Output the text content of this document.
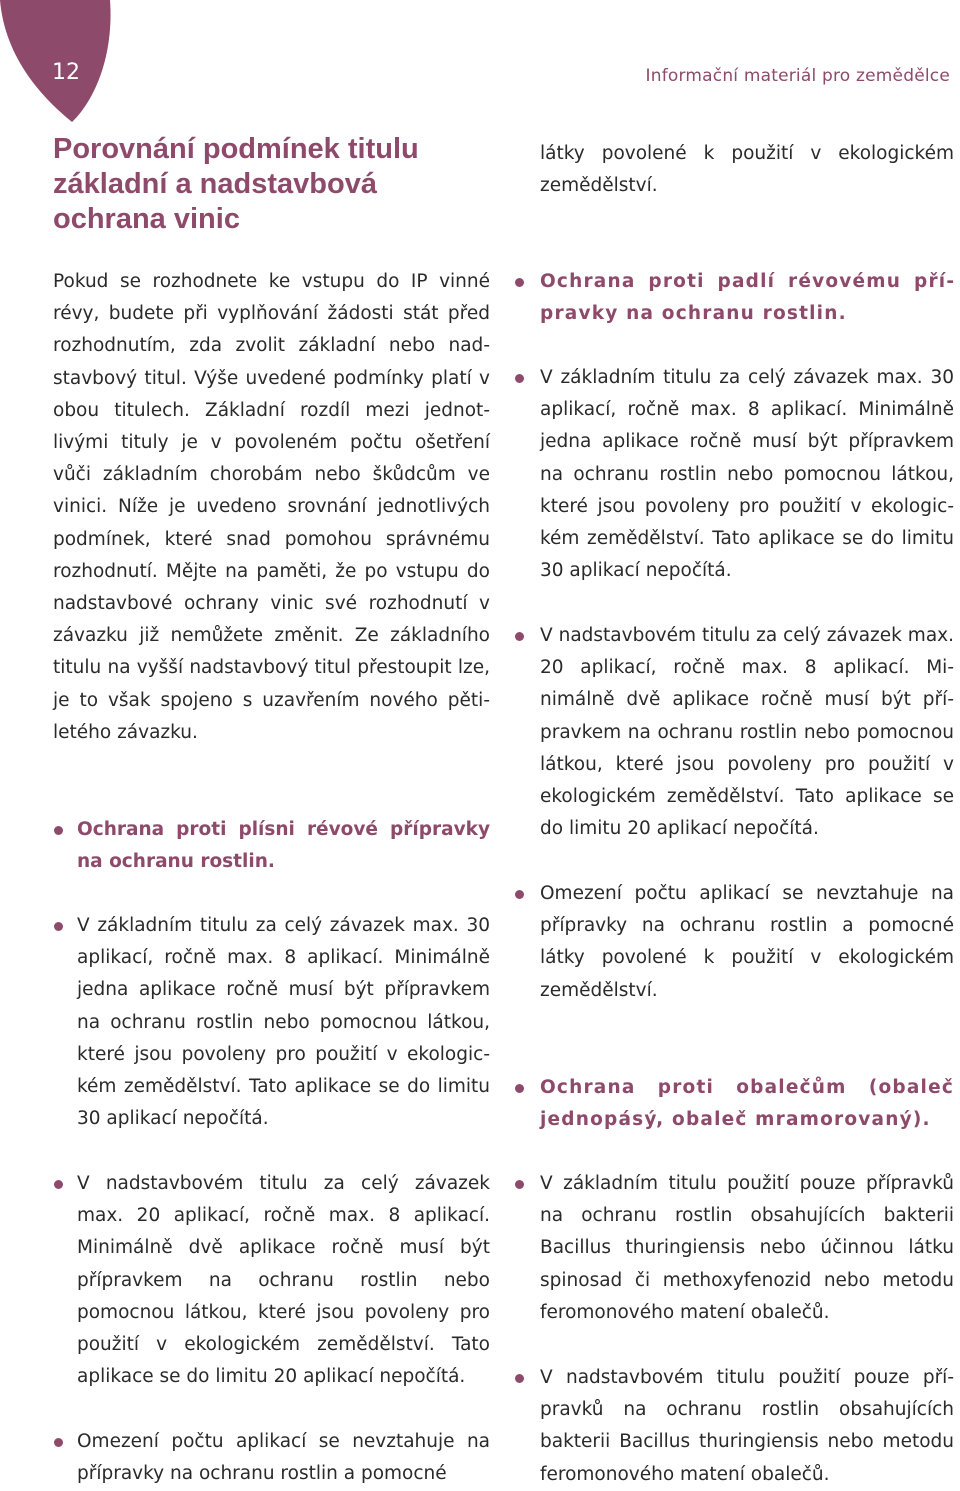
12	Informační materiál pro zemědělce
Porovnání podmínek titulu základní a nadstavbová ochrana vinic

Pokud se rozhodnete ke vstupu do IP vinné révy, budete při vyplňování žádosti stát před rozhodnutím, zda zvolit základní nebo nadstavbový titul. Výše uvedené podmínky platí v obou titulech. Základní rozdíl mezi jednotlivými tituly je v povoleném počtu ošetření vůči základním chorobám nebo škůdcům ve vinici. Níže je uvedeno srovnání jednotlivých podmínek, které snad pomohou správnému rozhodnutí. Mějte na paměti, že po vstupu do nadstavbové ochrany vinic své rozhodnutí v závazku již nemůžete změnit. Ze základního titulu na vyšší nadstavbový titul přestoupit lze, je to však spojeno s uzavřením nového pětiletého závazku.

Ochrana proti plísni révové přípravky na ochranu rostlin.
V základním titulu za celý závazek max. 30 aplikací, ročně max. 8 aplikací. Minimálně jedna aplikace ročně musí být přípravkem na ochranu rostlin nebo pomocnou látkou, které jsou povoleny pro použití v ekologickém zemědělství. Tato aplikace se do limitu 30 aplikací nepočítá.
V nadstavbovém titulu za celý závazek max. 20 aplikací, ročně max. 8 aplikací. Minimálně dvě aplikace ročně musí být přípravkem na ochranu rostlin nebo pomocnou látkou, které jsou povoleny pro použití v ekologickém zemědělství. Tato aplikace se do limitu 20 aplikací nepočítá.
Omezení počtu aplikací se nevztahuje na přípravky na ochranu rostlin a pomocné

látky povolené k použití v ekologickém zemědělství.

Ochrana proti padlí révovému přípravky na ochranu rostlin.
V základním titulu za celý závazek max. 30 aplikací, ročně max. 8 aplikací. Minimálně jedna aplikace ročně musí být přípravkem na ochranu rostlin nebo pomocnou látkou, které jsou povoleny pro použití v ekologickém zemědělství. Tato aplikace se do limitu 30 aplikací nepočítá.
V nadstavbovém titulu za celý závazek max. 20 aplikací, ročně max. 8 aplikací. Minimálně dvě aplikace ročně musí být přípravkem na ochranu rostlin nebo pomocnou látkou, které jsou povoleny pro použití v ekologickém zemědělství. Tato aplikace se do limitu 20 aplikací nepočítá.
Omezení počtu aplikací se nevztahuje na přípravky na ochranu rostlin a pomocné látky povolené k použití v ekologickém zemědělství.
Ochrana proti obalečům (obaleč jednopásý, obaleč mramorovaný).
V základním titulu použití pouze přípravků na ochranu rostlin obsahujících bakterii Bacillus thuringiensis nebo účinnou látku spinosad či methoxyfenozid nebo metodu feromonového matení obalečů.
V nadstavbovém titulu použití pouze přípravků na ochranu rostlin obsahujících bakterii Bacillus thuringiensis nebo metodu feromonového matení obalečů.
